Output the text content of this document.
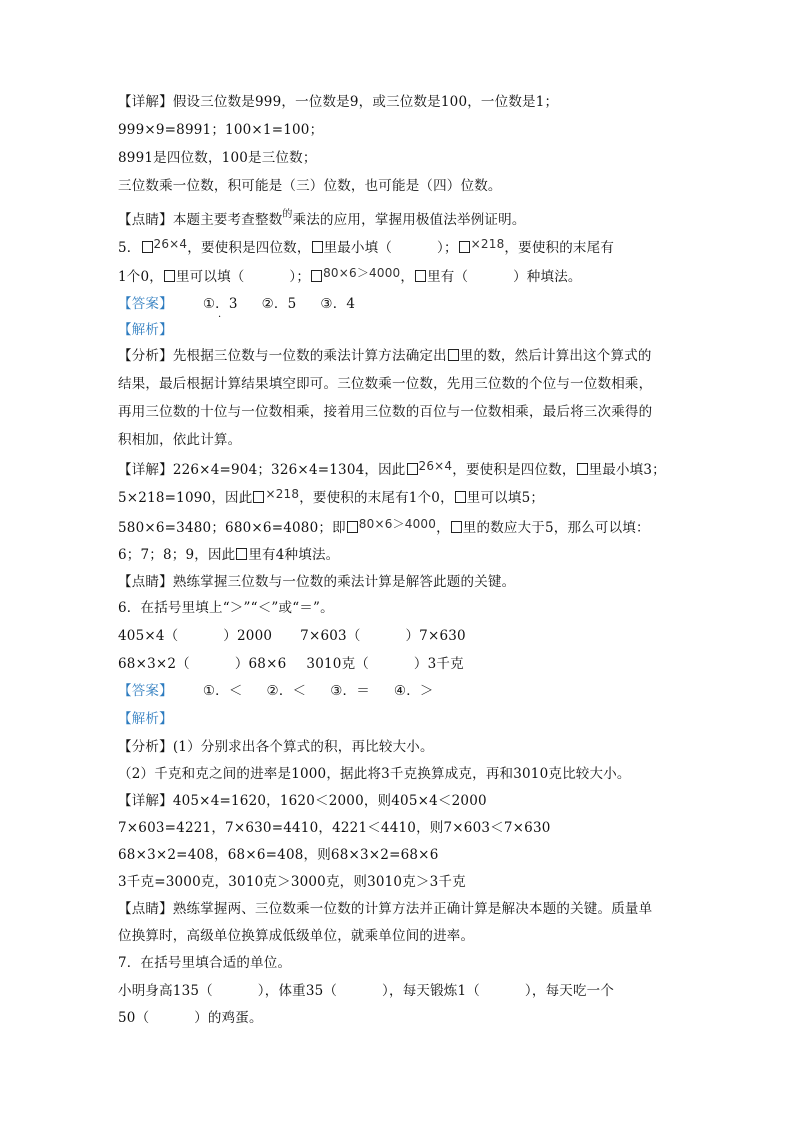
【详解】假设三位数是999，一位数是9，或三位数是100，一位数是1；
999×9=8991；100×1=100；
8991是四位数，100是三位数；
三位数乘一位数，积可能是（三）位数，也可能是（四）位数。
【点睛】本题主要考查整数$^的$乘法的应用，掌握用极值法举例证明。
5． 26×4，要使积是四位数， 里最小填（	）； ×218，要使积的末尾有
1个0， 里可以填（	）； 80×6＞4000， 里有（	）种填法。
【答案】 ①．3 ②．5 ③．4
·
【解析】
【分析】先根据三位数与一位数的乘法计算方法确定出 里的数，然后计算出这个算式的
结果，最后根据计算结果填空即可。三位数乘一位数，先用三位数的个位与一位数相乘，
再用三位数的十位与一位数相乘，接着用三位数的百位与一位数相乘，最后将三次乘得的
积相加，依此计算。
【详解】226×4=904；326×4=1304，因此 26×4，要使积是四位数， 里最小填3；
5×218=1090，因此 ×218，要使积的末尾有1个0， 里可以填5；
580×6=3480；680×6=4080；即 80×6＞4000， 里的数应大于5，那么可以填：
6；7；8；9，因此 里有4种填法。
【点睛】熟练掌握三位数与一位数的乘法计算是解答此题的关键。
6．在括号里填上“＞”“＜”或“＝”。
405×4（	）2000 7×603（	）7×630
68×3×2（	）68×6 3010克（	）3千克
【答案】 ①．＜ ②．＜ ③．＝ ④．＞
【解析】
【分析】(1）分别求出各个算式的积，再比较大小。
（2）千克和克之间的进率是1000，据此将3千克换算成克，再和3010克比较大小。
【详解】405×4=1620，1620＜2000，则405×4＜2000
7×603=4221，7×630=4410，4221＜4410，则7×603＜7×630
68×3×2=408，68×6=408，则68×3×2=68×6
3千克=3000克，3010克＞3000克，则3010克＞3千克
【点睛】熟练掌握两、三位数乘一位数的计算方法并正确计算是解决本题的关键。质量单
位换算时，高级单位换算成低级单位，就乘单位间的进率。
7．在括号里填合适的单位。
小明身高135（	），体重35（	），每天锻炼1（	），每天吃一个
50（	）的鸡蛋。
